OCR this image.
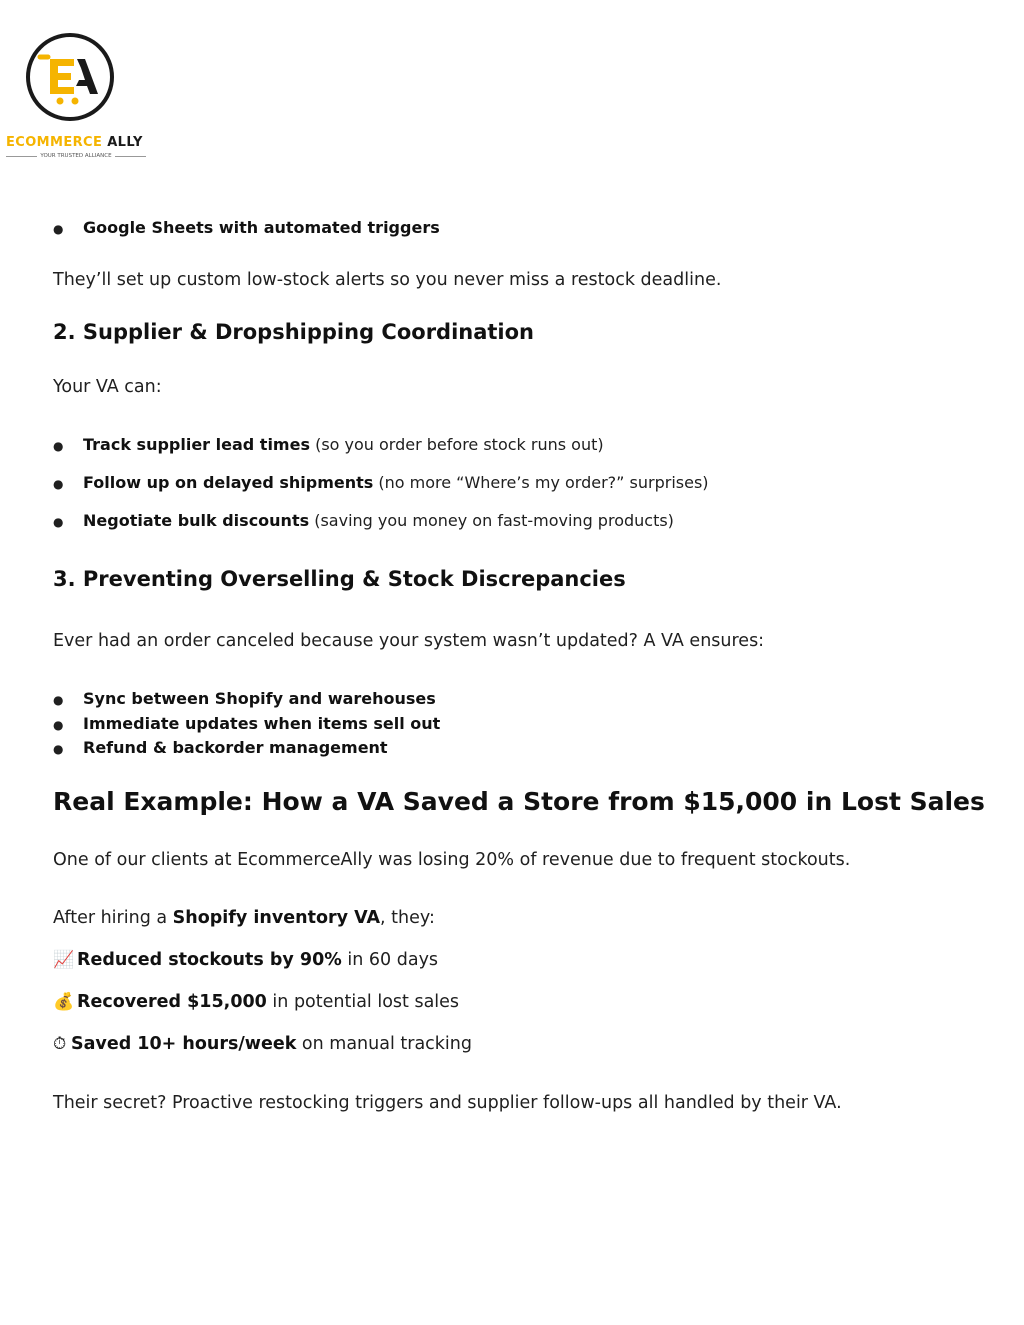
ECOMMERCE ALLY
YOUR TRUSTED ALLIANCE
● Google Sheets with automated triggers

They’ll set up custom low-stock alerts so you never miss a restock deadline.

2. Supplier & Dropshipping Coordination

Your VA can:

● Track supplier lead times (so you order before stock runs out)
● Follow up on delayed shipments (no more “Where’s my order?” surprises)
● Negotiate bulk discounts (saving you money on fast-moving products)
3. Preventing Overselling & Stock Discrepancies

Ever had an order canceled because your system wasn’t updated? A VA ensures:

● Sync between Shopify and warehouses
● Immediate updates when items sell out
● Refund & backorder management
Real Example: How a VA Saved a Store from $15,000 in Lost Sales

One of our clients at EcommerceAlly was losing 20% of revenue due to frequent stockouts.

After hiring a Shopify inventory VA, they:

📈 Reduced stockouts by 90% in 60 days

💰 Recovered $15,000 in potential lost sales

⏱ Saved 10+ hours/week on manual tracking

Their secret? Proactive restocking triggers and supplier follow-ups all handled by their VA.
